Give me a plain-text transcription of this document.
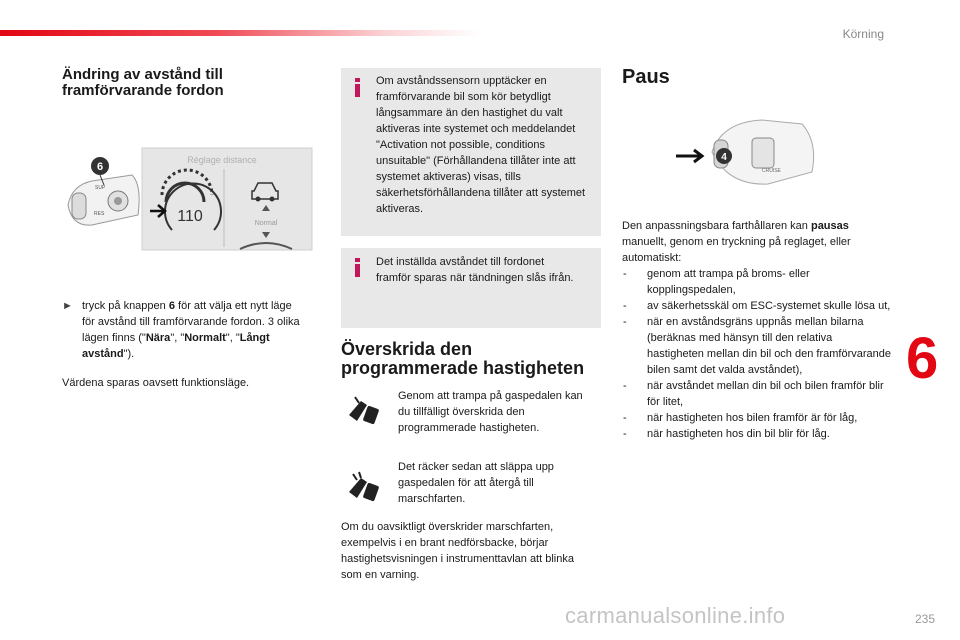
Körning
Ändring av avstånd till framförvarande fordon
Réglage distance
110	Normal
SUP
RES
6
► tryck på knappen 6 för att välja ett nytt läge för avstånd till framförvarande fordon. 3 olika lägen finns ("Nära", "Normalt", "Långt avstånd").
Värdena sparas oavsett funktionsläge.
Om avståndssensorn upptäcker en framförvarande bil som kör betydligt långsammare än den hastighet du valt aktiveras inte systemet och meddelandet "Activation not possible, conditions unsuitable" (Förhållandena tillåter inte att systemet aktiveras) visas, tills säkerhetsförhållandena tillåter att systemet aktiveras.
Det inställda avståndet till fordonet framför sparas när tändningen slås ifrån.
Överskrida den programmerade hastigheten
Genom att trampa på gaspedalen kan du tillfälligt överskrida den programmerade hastigheten.
Det räcker sedan att släppa upp gaspedalen för att återgå till marschfarten.
Om du oavsiktligt överskrider marschfarten, exempelvis i en brant nedförsbacke, börjar hastighetsvisningen i instrumenttavlan att blinka som en varning.
Paus
CRUISE
4
Den anpassningsbara farthållaren kan pausas manuellt, genom en tryckning på reglaget, eller automatiskt:
- genom att trampa på broms- eller kopplingspedalen,
- av säkerhetsskäl om ESC-systemet skulle lösa ut,
- när en avståndsgräns uppnås mellan bilarna (beräknas med hänsyn till den relativa hastigheten mellan din bil och den framförvarande bilen samt det valda avståndet),
- när avståndet mellan din bil och bilen framför blir för litet,
- när hastigheten hos bilen framför är för låg,
- när hastigheten hos din bil blir för låg.
6
carmanualsonline.info	235
